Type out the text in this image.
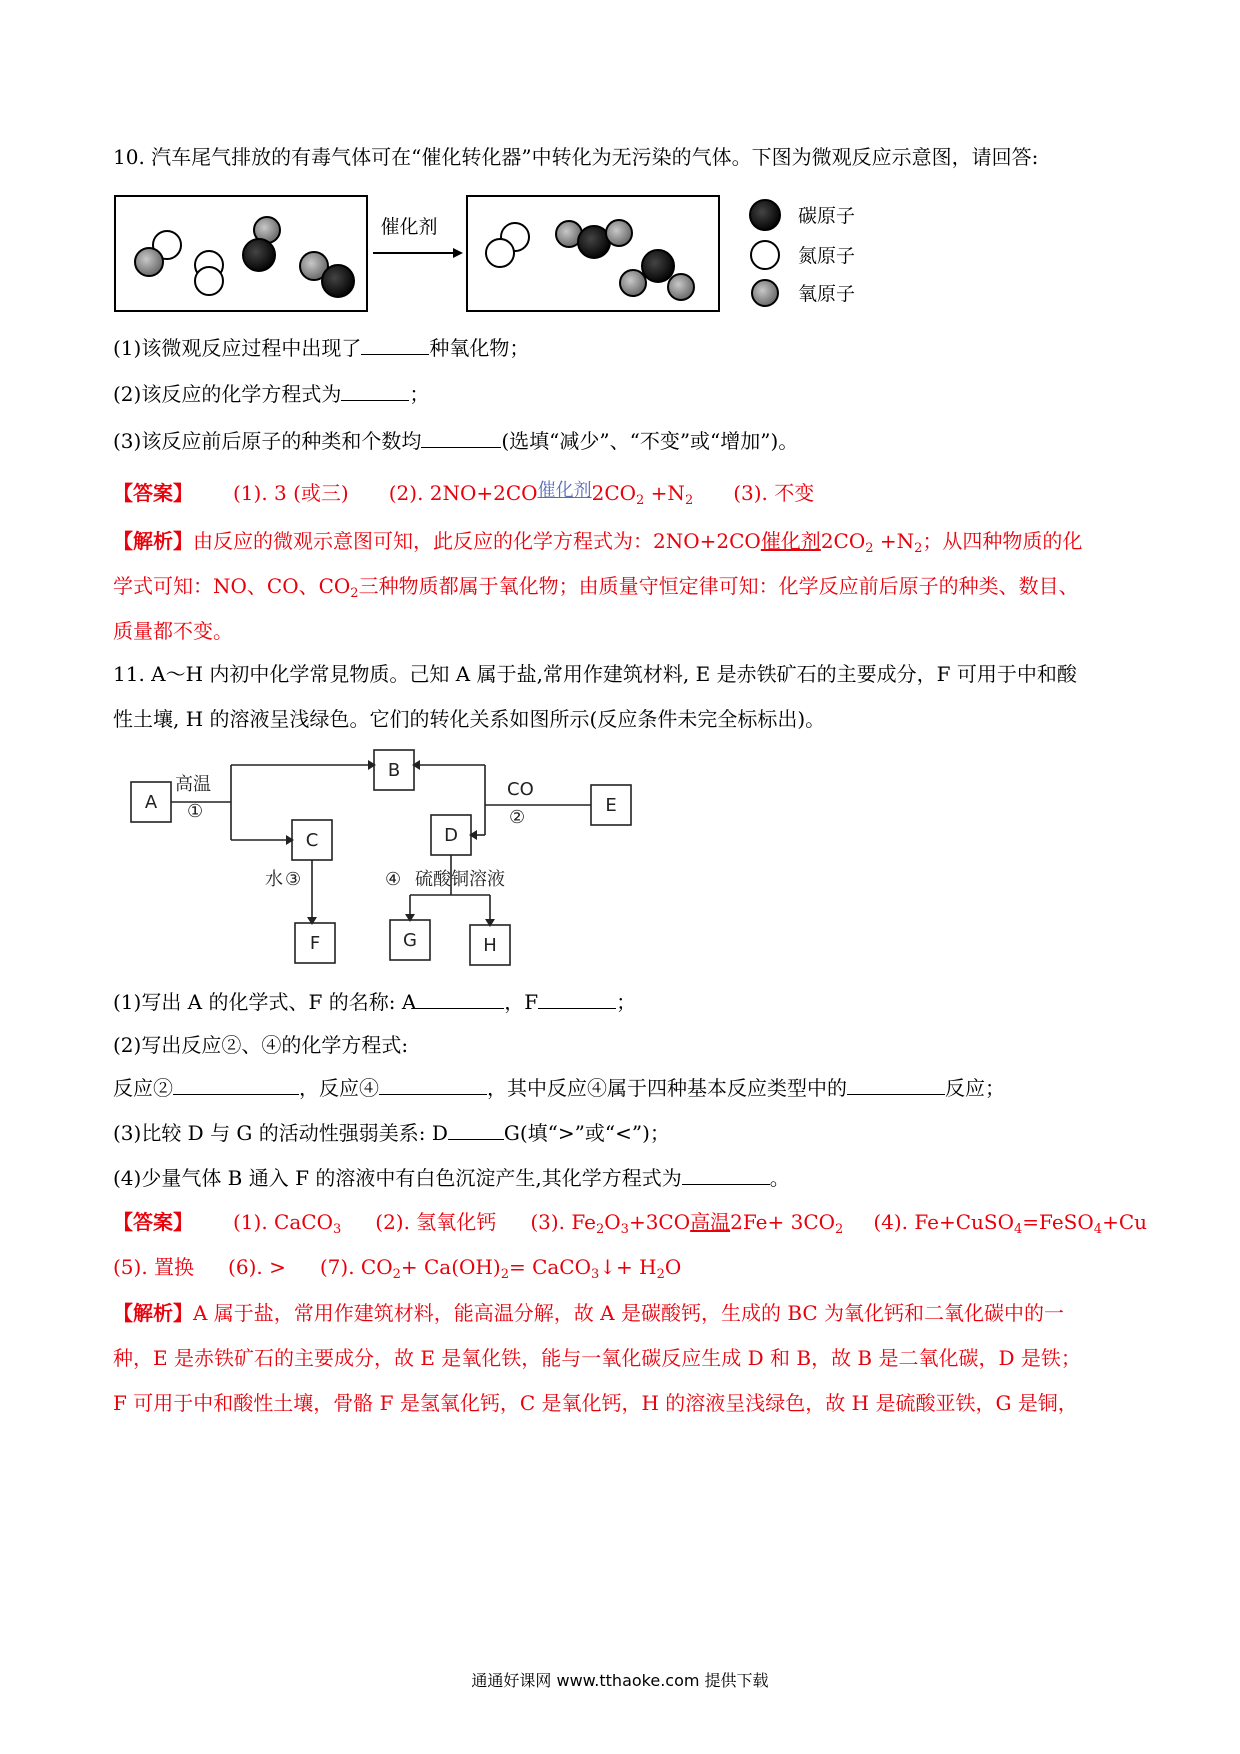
10. 汽车尾气排放的有毒气体可在“催化转化器”中转化为无污染的气体。下图为微观反应示意图，请回答:
催化剂	碳原子
氮原子
氧原子
(1)该微观反应过程中出现了	种氧化物；
(2)该反应的化学方程式为	；
(3)该反应前后原子的种类和个数均	(选填“减少”、“不变”或“增加”)。
【答案】 (1). 3 (或三) (2). 2NO+2CO催化剂$2CO_2 +N_2$ (3). 不变
【解析】由反应的微观示意图可知，此反应的化学方程式为：2NO+2CO催化剂$2CO_2 +N_2$；从四种物质的化
学式可知：NO、CO、$CO_2$三种物质都属于氧化物；由质量守恒定律可知：化学反应前后原子的种类、数目、
质量都不变。
11. A～H 内初中化学常見物质。己知 A 属于盐,常用作建筑材料, E 是赤铁矿石的主要成分，F 可用于中和酸
性土壤, H 的溶液呈浅绿色。它们的转化关系如图所示(反应条件未完全标标出)。
A
B
C	D
E
F	G	H
高温
①
CO
②
水 ③	④ 硫酸铜溶液
(1)写出 A 的化学式、F 的名称: A	，F	；
(2)写出反应②、④的化学方程式:
反应②	，反应④	，其中反应④属于四种基本反应类型中的	反应；
(3)比较 D 与 G 的活动性强弱美系: D	G(填“>”或“<”)；
(4)少量气体 B 通入 F 的溶液中有白色沉淀产生,其化学方程式为	。
【答案】 (1). CaCO$_3$ (2). 氢氧化钙 (3). $Fe_2O_3+3CO$高温$2Fe+ 3CO_2$ (4). Fe+CuSO$_4$=FeSO$_4$+Cu
(5). 置换 (6). > (7). $CO_2+ Ca(OH)_2=$ CaCO$_3$↓+ $H_2O$
【解析】A 属于盐，常用作建筑材料，能高温分解，故 A 是碳酸钙，生成的 BC 为氧化钙和二氧化碳中的一
种，E 是赤铁矿石的主要成分，故 E 是氧化铁，能与一氧化碳反应生成 D 和 B，故 B 是二氧化碳，D 是铁；
F 可用于中和酸性土壤，骨骼 F 是氢氧化钙，C 是氧化钙，H 的溶液呈浅绿色，故 H 是硫酸亚铁，G 是铜，
通通好课网 www.tthaoke.com 提供下载
